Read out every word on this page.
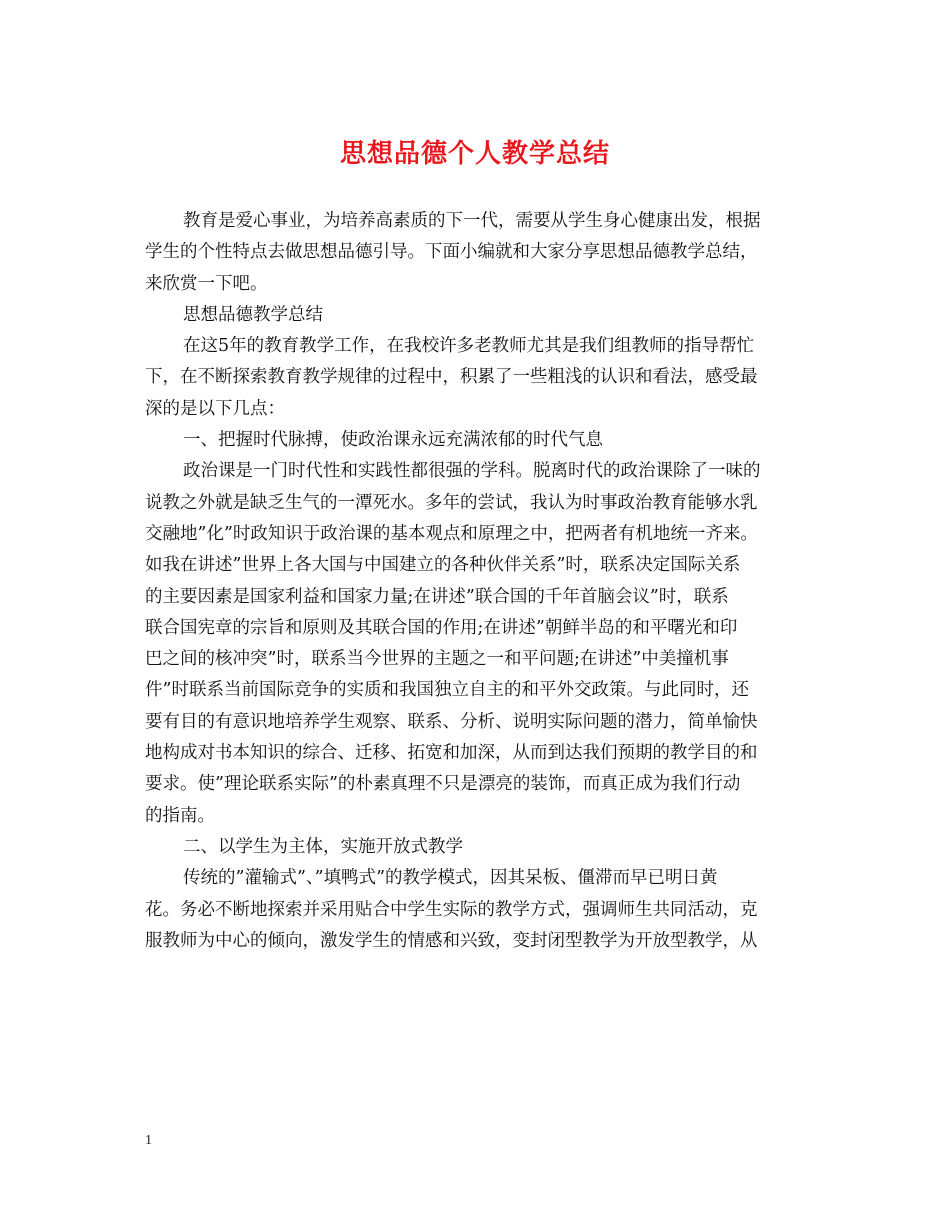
思想品德个人教学总结
教育是爱心事业，为培养高素质的下一代，需要从学生身心健康出发，根据
学生的个性特点去做思想品德引导。下面小编就和大家分享思想品德教学总结，
来欣赏一下吧。
思想品德教学总结
在这5年的教育教学工作，在我校许多老教师尤其是我们组教师的指导帮忙
下，在不断探索教育教学规律的过程中，积累了一些粗浅的认识和看法，感受最
深的是以下几点：
一、把握时代脉搏，使政治课永远充满浓郁的时代气息
政治课是一门时代性和实践性都很强的学科。脱离时代的政治课除了一味的
说教之外就是缺乏生气的一潭死水。多年的尝试，我认为时事政治教育能够水乳
交融地”化”时政知识于政治课的基本观点和原理之中，把两者有机地统一齐来。
如我在讲述”世界上各大国与中国建立的各种伙伴关系”时，联系决定国际关系
的主要因素是国家利益和国家力量;在讲述”联合国的千年首脑会议”时，联系
联合国宪章的宗旨和原则及其联合国的作用;在讲述”朝鲜半岛的和平曙光和印
巴之间的核冲突”时，联系当今世界的主题之一和平问题;在讲述”中美撞机事
件”时联系当前国际竞争的实质和我国独立自主的和平外交政策。与此同时，还
要有目的有意识地培养学生观察、联系、分析、说明实际问题的潜力，简单愉快
地构成对书本知识的综合、迁移、拓宽和加深，从而到达我们预期的教学目的和
要求。使”理论联系实际”的朴素真理不只是漂亮的装饰，而真正成为我们行动
的指南。
二、以学生为主体，实施开放式教学
传统的”灌输式”、”填鸭式”的教学模式，因其呆板、僵滞而早已明日黄
花。务必不断地探索并采用贴合中学生实际的教学方式，强调师生共同活动，克
服教师为中心的倾向，激发学生的情感和兴致，变封闭型教学为开放型教学，从
1
